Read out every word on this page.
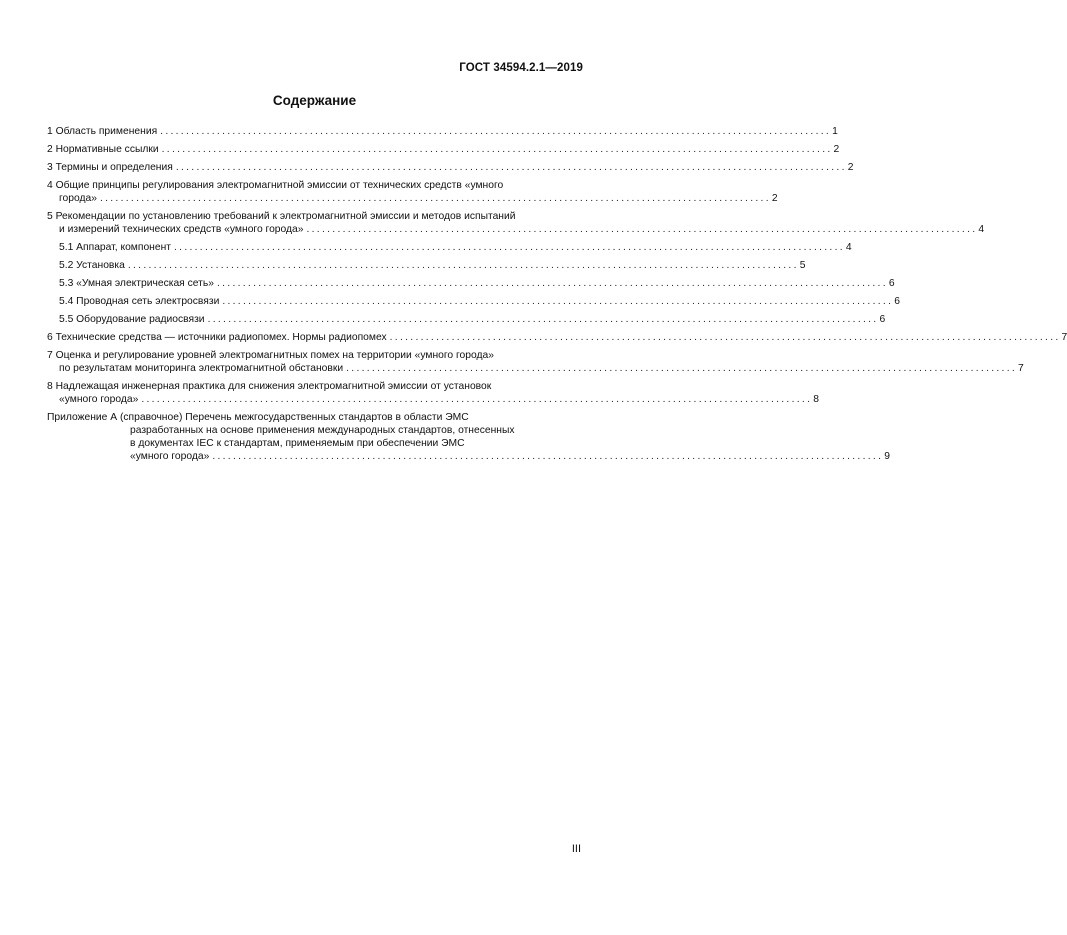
ГОСТ 34594.2.1—2019
Содержание
1 Область применения .................................................................................................................................. 1
2 Нормативные ссылки .................................................................................................................................. 2
3 Термины и определения .................................................................................................................................. 2
4 Общие принципы регулирования электромагнитной эмиссии от технических средств «умного
города» .................................................................................................................................. 2
5 Рекомендации по установлению требований к электромагнитной эмиссии и методов испытаний
и измерений технических средств «умного города» .................................................................................................................................. 4
5.1 Аппарат, компонент .................................................................................................................................. 4
5.2 Установка .................................................................................................................................. 5
5.3 «Умная электрическая сеть» .................................................................................................................................. 6
5.4 Проводная сеть электросвязи .................................................................................................................................. 6
5.5 Оборудование радиосвязи .................................................................................................................................. 6
6 Технические средства — источники радиопомех. Нормы радиопомех .................................................................................................................................. 7
7 Оценка и регулирование уровней электромагнитных помех на территории «умного города»
по результатам мониторинга электромагнитной обстановки .................................................................................................................................. 7
8 Надлежащая инженерная практика для снижения электромагнитной эмиссии от установок
«умного города» .................................................................................................................................. 8
Приложение А (справочное) Перечень межгосударственных стандартов в области ЭМС
разработанных на основе применения международных стандартов, отнесенных
в документах IEC к стандартам, применяемым при обеспечении ЭМС
«умного города» .................................................................................................................................. 9
III
